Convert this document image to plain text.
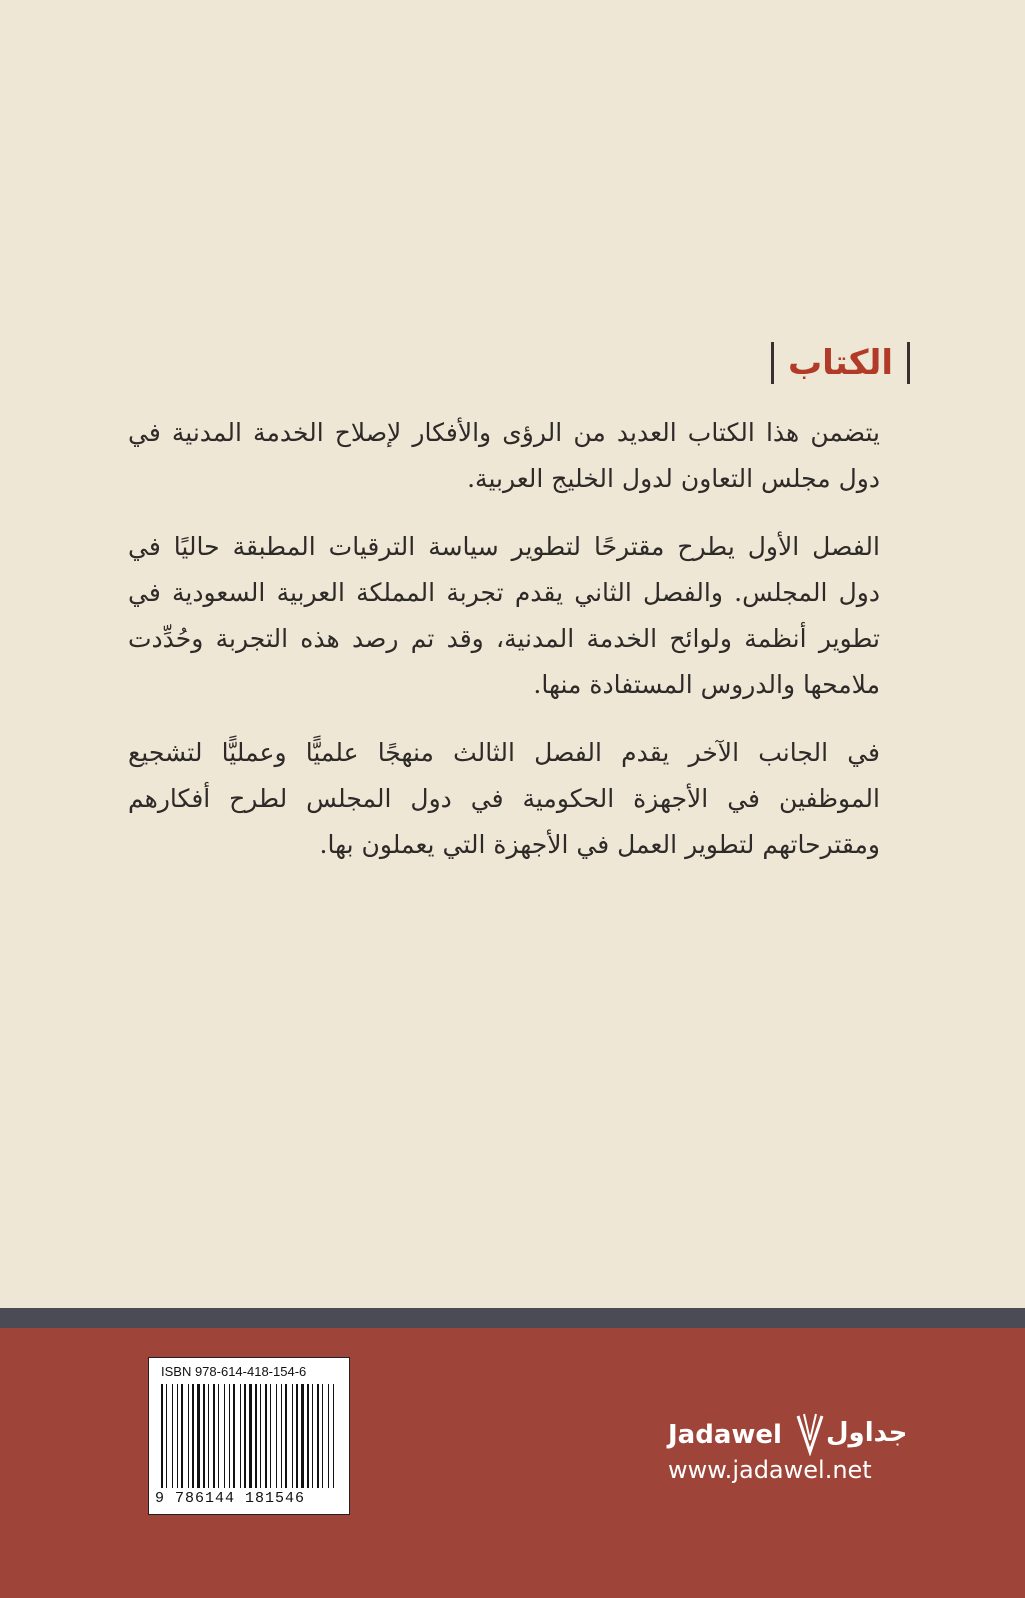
الكتاب

يتضمن هذا الكتاب العديد من الرؤى والأفكار لإصلاح الخدمة المدنية في دول مجلس التعاون لدول الخليج العربية.

الفصل الأول يطرح مقترحًا لتطوير سياسة الترقيات المطبقة حاليًا في دول المجلس. والفصل الثاني يقدم تجربة المملكة العربية السعودية في تطوير أنظمة ولوائح الخدمة المدنية، وقد تم رصد هذه التجربة وحُدِّدت ملامحها والدروس المستفادة منها.

في الجانب الآخر يقدم الفصل الثالث منهجًا علميًّا وعمليًّا لتشجيع الموظفين في الأجهزة الحكومية في دول المجلس لطرح أفكارهم ومقترحاتهم لتطوير العمل في الأجهزة التي يعملون بها.

ISBN 978-614-418-154-6
9 786144 181546
Jadawel جداول
www.jadawel.net
